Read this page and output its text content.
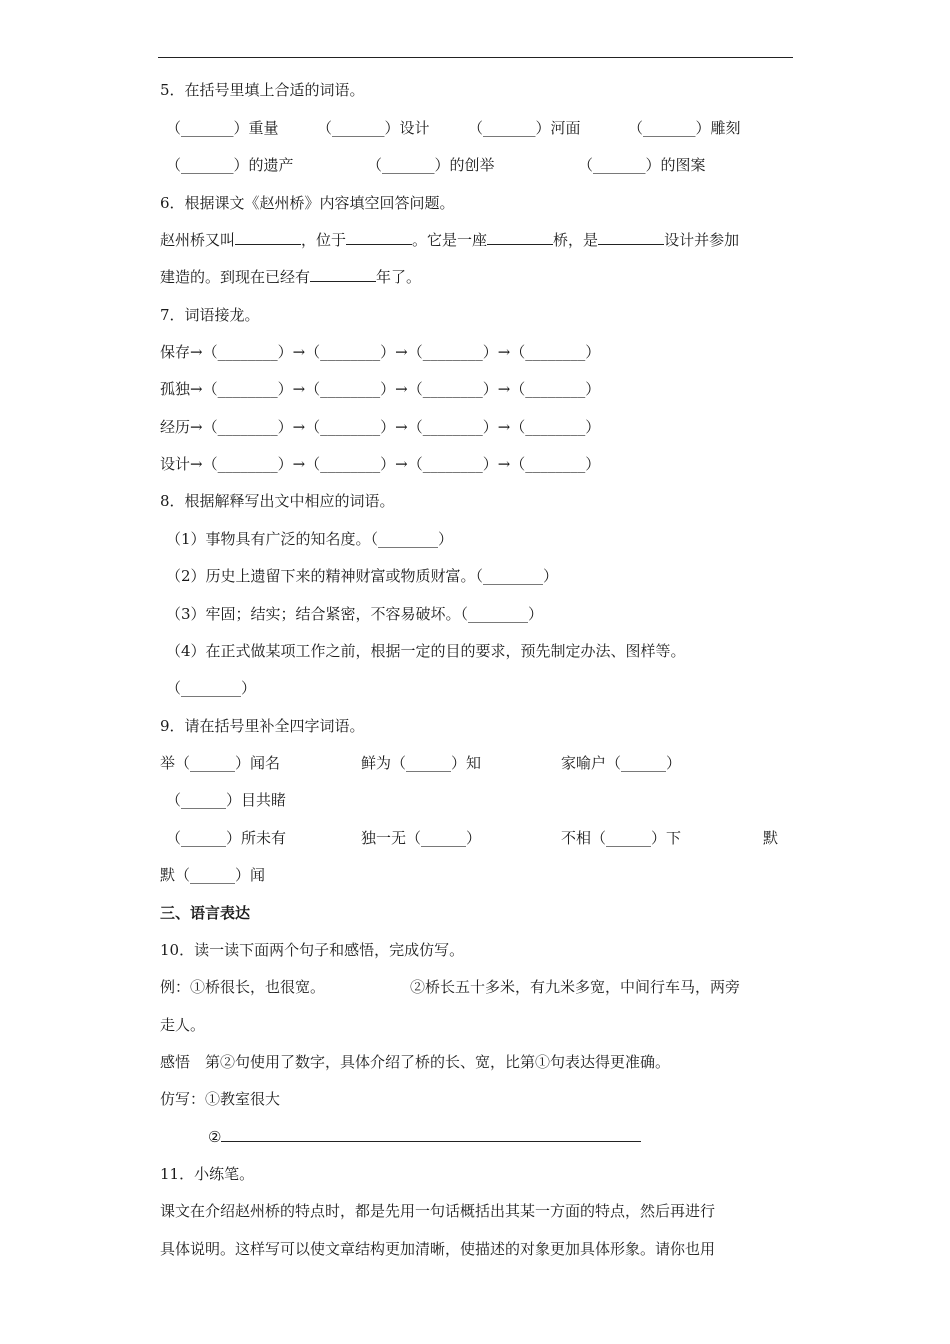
5．在括号里填上合适的词语。
（_______）重量	（_______）设计	（_______）河面	（_______）雕刻
（_______）的遗产	（_______）的创举	（_______）的图案
6．根据课文《赵州桥》内容填空回答问题。
赵州桥又叫	，位于	。它是一座	桥，是	设计并参加
建造的。到现在已经有	年了。
7．词语接龙。
保存→（________）→（________）→（________）→（________）
孤独→（________）→（________）→（________）→（________）
经历→（________）→（________）→（________）→（________）
设计→（________）→（________）→（________）→（________）
8．根据解释写出文中相应的词语。
（1）事物具有广泛的知名度。（________）
（2）历史上遗留下来的精神财富或物质财富。（________）
（3）牢固；结实；结合紧密，不容易破坏。（________）
（4）在正式做某项工作之前，根据一定的目的要求，预先制定办法、图样等。
（________）
9．请在括号里补全四字词语。
举（______）闻名	鲜为（______）知	家喻户（______）
（______）目共睹
（______）所未有	独一无（______）	不相（______）下	默
默（______）闻
三、语言表达
10．读一读下面两个句子和感悟，完成仿写。
例：①桥很长，也很宽。	②桥长五十多米，有九米多宽，中间行车马，两旁
走人。
感悟　第②句使用了数字，具体介绍了桥的长、宽，比第①句表达得更准确。
仿写：①教室很大
②
11．小练笔。
课文在介绍赵州桥的特点时，都是先用一句话概括出其某一方面的特点，然后再进行
具体说明。这样写可以使文章结构更加清晰，使描述的对象更加具体形象。请你也用
